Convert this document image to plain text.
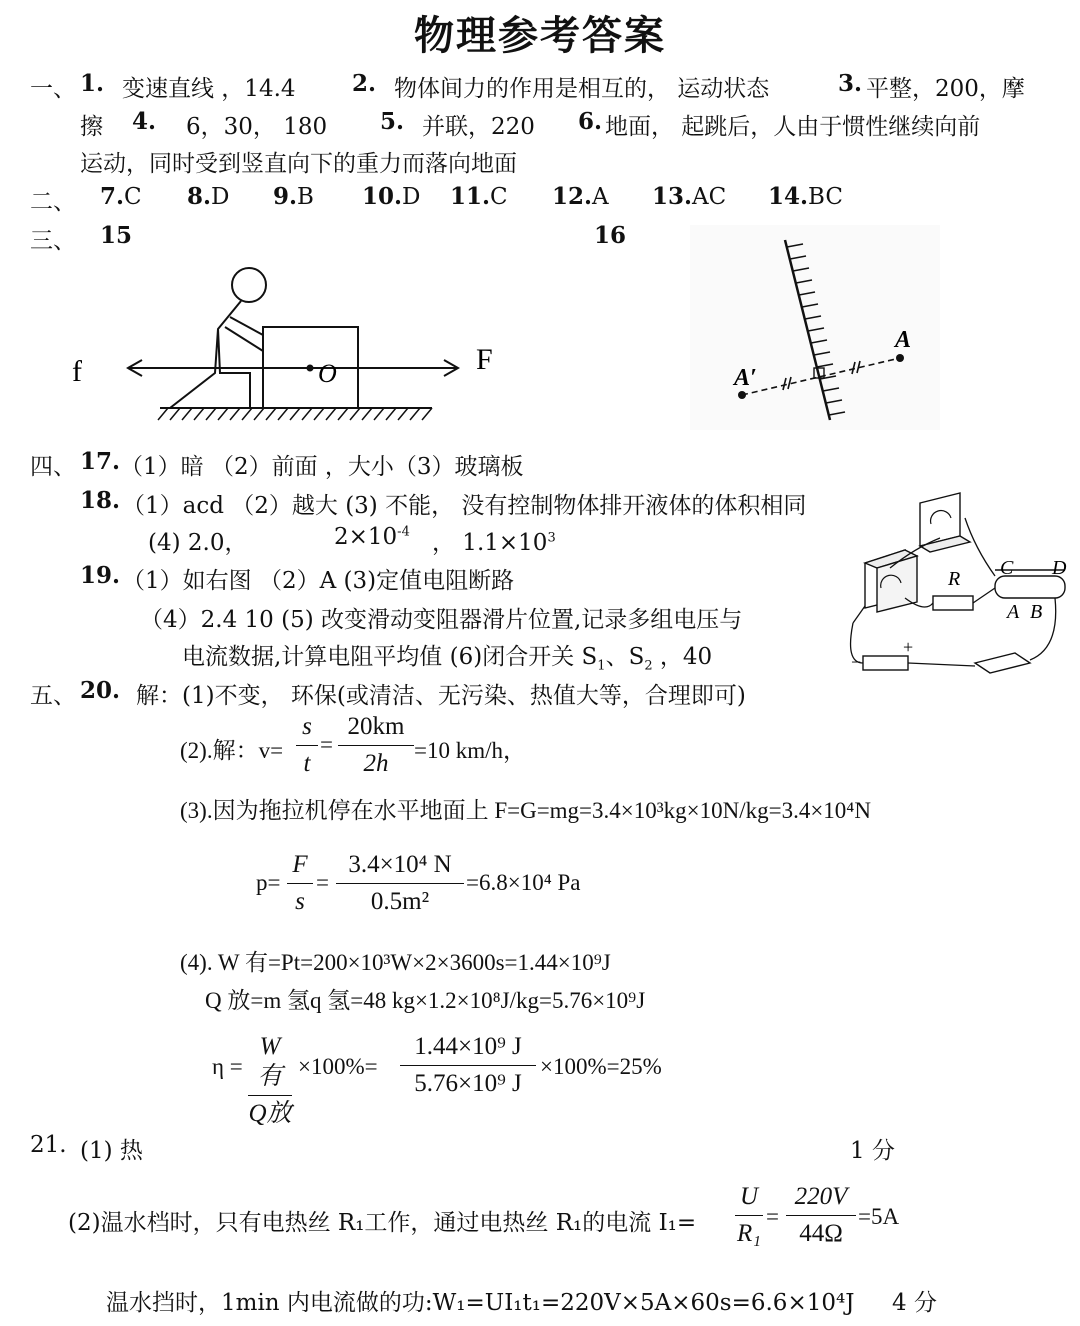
物理参考答案
一、 1. 变速直线 ，14.4 2. 物体间力的作用是相互的， 运动状态	3. 平整，200，摩
擦 4. 6，30， 180 5. 并联，220 6. 地面， 起跳后，人由于惯性继续向前
运动，同时受到竖直向下的重力而落向地面
二、 7.C 8.D 9.B 10.D 11.C 12.A 13.AC 14.BC
三、 15	16
O
f	F
A′
A
四、 17. （1）暗 （2）前面 ，大小（3）玻璃板
18. （1）acd （2）越大 (3) 不能， 没有控制物体排开液体的体积相同
(4) 2.0，	$2\times 10^{-4}$ ， $1.1\times 10^3$
19. （1）如右图 （2）A (3)定值电阻断路
（4）2.4 10 (5) 改变滑动变阻器滑片位置,记录多组电压与
电流数据,计算电阻平均值 (6)闭合开关 $S_1$、$S_2$ ，40
R C D
A B
−
+
五、 20. 解：(1)不变， 环保(或清洁、无污染、热值大等，合理即可)
(2).解：v=
s
t
=
20km
2h	=10 km/h，
(3).因为拖拉机停在水平地面上 F=G=mg=3.4×10³kg×10N/kg=3.4×10⁴N
p=
F
s
=
3.4×10⁴ N
0.5m²
=6.8×10⁴ Pa
(4). W 有=Pt=200×10³W×2×3600s=1.44×10⁹J
Q 放=m 氢q 氢=48 kg×1.2×10⁸J/kg=5.76×10⁹J
η =
W有
Q放
×100%=
1.44×10⁹ J
5.76×10⁹ J
×100%=25%
21. (1) 热	1 分
(2)温水档时，只有电热丝 R₁工作，通过电热丝 R₁的电流 I₁=
U
R₁
=
220V
44Ω
=5A
温水挡时，1min 内电流做的功:W₁=UI₁t₁=220V×5A×60s=6.6×10⁴J 4 分
